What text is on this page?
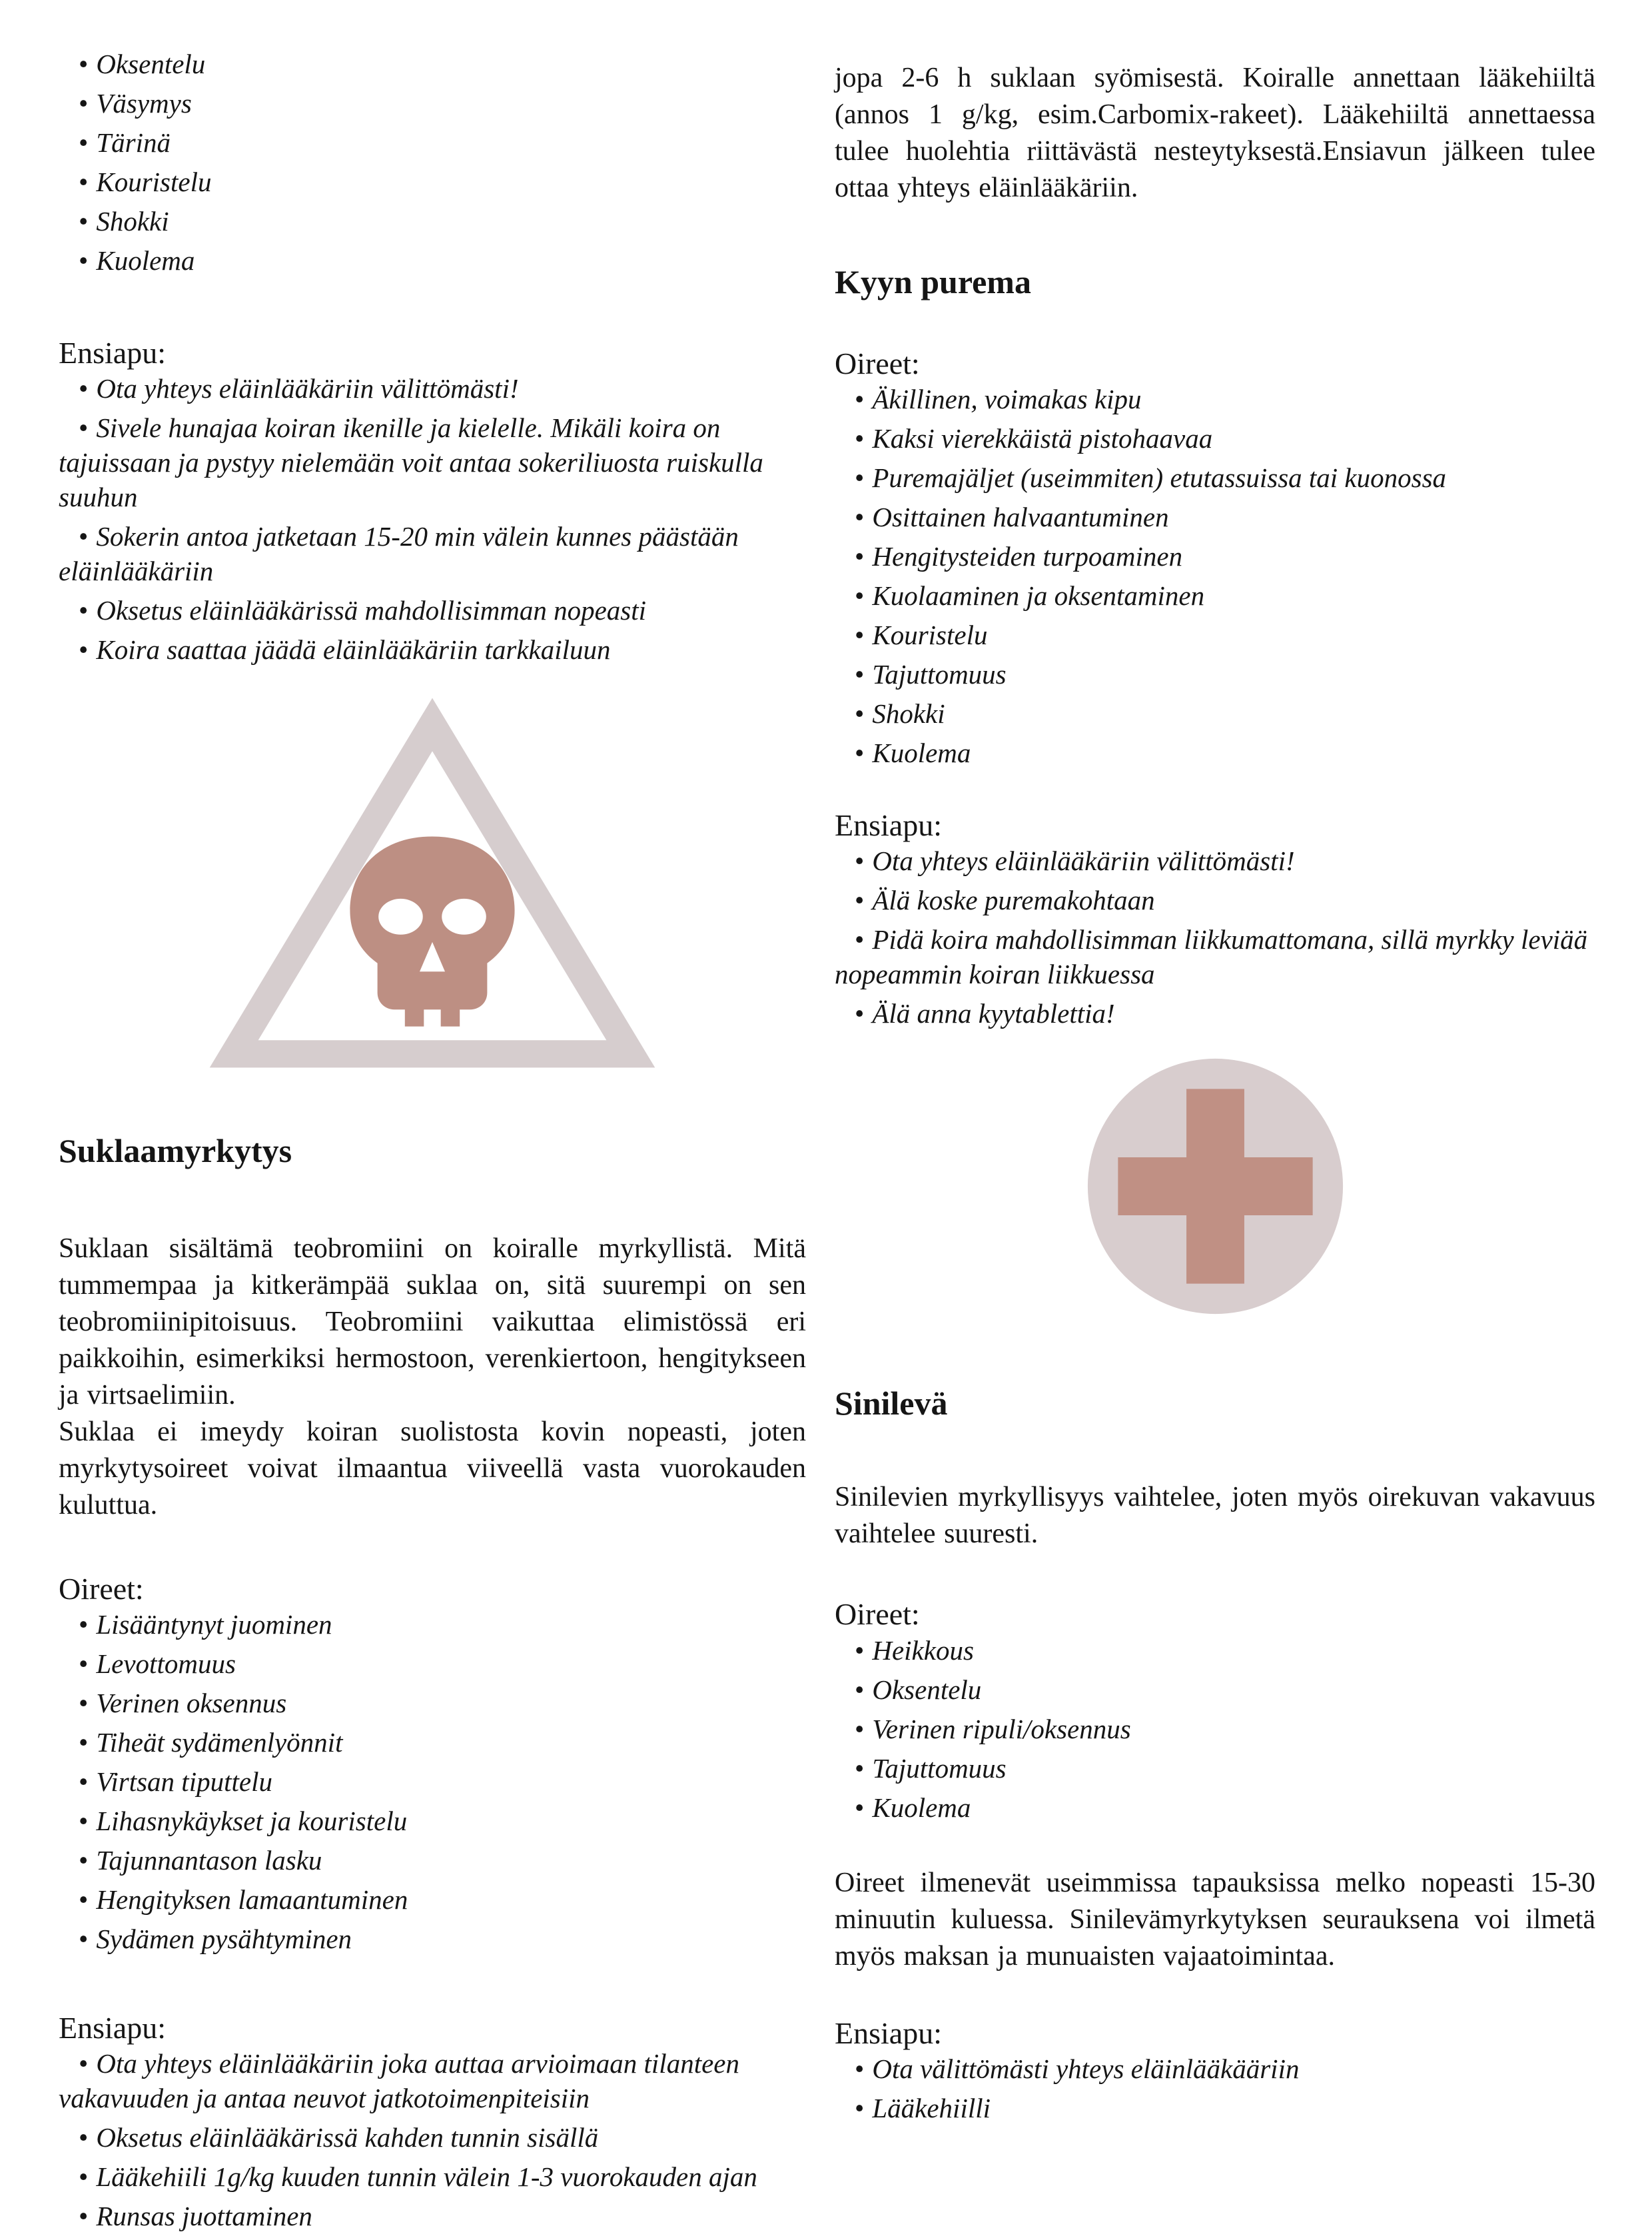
• Oksentelu
• Väsymys
• Tärinä
• Kouristelu
• Shokki
• Kuolema
Ensiapu:
• Ota yhteys eläinlääkäriin välittömästi!
• Sivele hunajaa koiran ikenille ja kielelle. Mikäli koira on tajuissaan ja pystyy nielemään voit antaa sokeriliuosta ruiskulla suuhun
• Sokerin antoa jatketaan 15-20 min välein kunnes päästään eläinlääkäriin
• Oksetus eläinlääkärissä mahdollisimman nopeasti
• Koira saattaa jäädä eläinlääkäriin tarkkailuun
Suklaamyrkytys

Suklaan sisältämä teobromiini on koiralle myrkyllistä. Mitä tummempaa ja kitkerämpää suklaa on, sitä suurempi on sen teobromiinipitoisuus. Teobromiini vaikuttaa elimistössä eri paikkoihin, esimerkiksi hermostoon, verenkiertoon, hengitykseen ja virtsaelimiin.

Suklaa ei imeydy koiran suolistosta kovin nopeasti, joten myrkytysoireet voivat ilmaantua viiveellä vasta vuorokauden kuluttua.

Oireet:
• Lisääntynyt juominen
• Levottomuus
• Verinen oksennus
• Tiheät sydämenlyönnit
• Virtsan tiputtelu
• Lihasnykäykset ja kouristelu
• Tajunnantason lasku
• Hengityksen lamaantuminen
• Sydämen pysähtyminen
Ensiapu:
• Ota yhteys eläinlääkäriin joka auttaa arvioimaan tilanteen vakavuuden ja antaa neuvot jatkotoimenpiteisiin
• Oksetus eläinlääkärissä kahden tunnin sisällä
• Lääkehiili 1g/kg kuuden tunnin välein 1-3 vuorokauden ajan
• Runsas juottaminen

jopa 2-6 h suklaan syömisestä. Koiralle annettaan lääkehiiltä (annos 1 g/kg, esim.Carbomix-rakeet). Lääkehiiltä annettaessa tulee huolehtia riittävästä nesteytyksestä.Ensiavun jälkeen tulee ottaa yhteys eläinlääkäriin.

Kyyn purema
Oireet:
• Äkillinen, voimakas kipu
• Kaksi vierekkäistä pistohaavaa
• Puremajäljet (useimmiten) etutassuissa tai kuonossa
• Osittainen halvaantuminen
• Hengitysteiden turpoaminen
• Kuolaaminen ja oksentaminen
• Kouristelu
• Tajuttomuus
• Shokki
• Kuolema
Ensiapu:
• Ota yhteys eläinlääkäriin välittömästi!
• Älä koske puremakohtaan
• Pidä koira mahdollisimman liikkumattomana, sillä myrkky leviää nopeammin koiran liikkuessa
• Älä anna kyytablettia!
Sinilevä

Sinilevien myrkyllisyys vaihtelee, joten myös oirekuvan vakavuus vaihtelee suuresti.

Oireet:
• Heikkous
• Oksentelu
• Verinen ripuli/oksennus
• Tajuttomuus
• Kuolema

Oireet ilmenevät useimmissa tapauksissa melko nopeasti 15-30 minuutin kuluessa. Sinilevämyrkytyksen seurauksena voi ilmetä myös maksan ja munuaisten vajaatoimintaa.

Ensiapu:
• Ota välittömästi yhteys eläinlääkääriin
• Lääkehiilli
